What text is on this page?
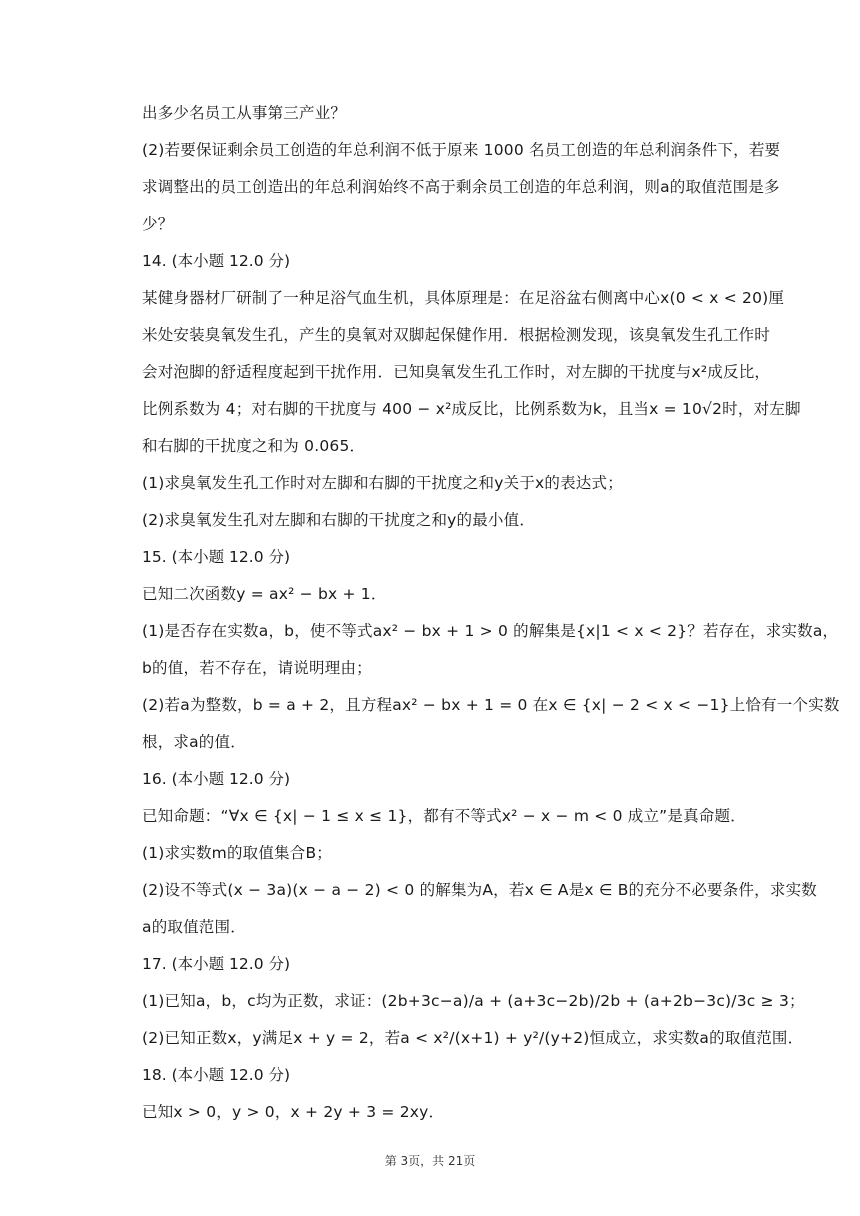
出多少名员工从事第三产业？

(2)若要保证剩余员工创造的年总利润不低于原来 1000 名员工创造的年总利润条件下，若要

求调整出的员工创造出的年总利润始终不高于剩余员工创造的年总利润，则a的取值范围是多

少？

14. (本小题 12.0 分)

某健身器材厂研制了一种足浴气血生机，具体原理是：在足浴盆右侧离中心x(0 < x < 20)厘

米处安装臭氧发生孔，产生的臭氧对双脚起保健作用．根据检测发现，该臭氧发生孔工作时

会对泡脚的舒适程度起到干扰作用．已知臭氧发生孔工作时，对左脚的干扰度与x²成反比，

比例系数为 4；对右脚的干扰度与 400 − x²成反比，比例系数为k，且当x = 10√2时，对左脚

和右脚的干扰度之和为 0.065．

(1)求臭氧发生孔工作时对左脚和右脚的干扰度之和y关于x的表达式；

(2)求臭氧发生孔对左脚和右脚的干扰度之和y的最小值．

15. (本小题 12.0 分)

已知二次函数y = ax² − bx + 1．

(1)是否存在实数a，b，使不等式ax² − bx + 1 > 0 的解集是{x|1 < x < 2}？若存在，求实数a，

b的值，若不存在，请说明理由；

(2)若a为整数，b = a + 2，且方程ax² − bx + 1 = 0 在x ∈ {x| − 2 < x < −1}上恰有一个实数

根，求a的值．

16. (本小题 12.0 分)

已知命题：“∀x ∈ {x| − 1 ≤ x ≤ 1}，都有不等式x² − x − m < 0 成立”是真命题．

(1)求实数m的取值集合B；

(2)设不等式(x − 3a)(x − a − 2) < 0 的解集为A，若x ∈ A是x ∈ B的充分不必要条件，求实数

a的取值范围．

17. (本小题 12.0 分)

(1)已知a，b，c均为正数，求证：(2b+3c−a)/a + (a+3c−2b)/2b + (a+2b−3c)/3c ≥ 3；

(2)已知正数x，y满足x + y = 2，若a < x²/(x+1) + y²/(y+2)恒成立，求实数a的取值范围．

18. (本小题 12.0 分)

已知x > 0，y > 0，x + 2y + 3 = 2xy．

第 3页，共 21页
